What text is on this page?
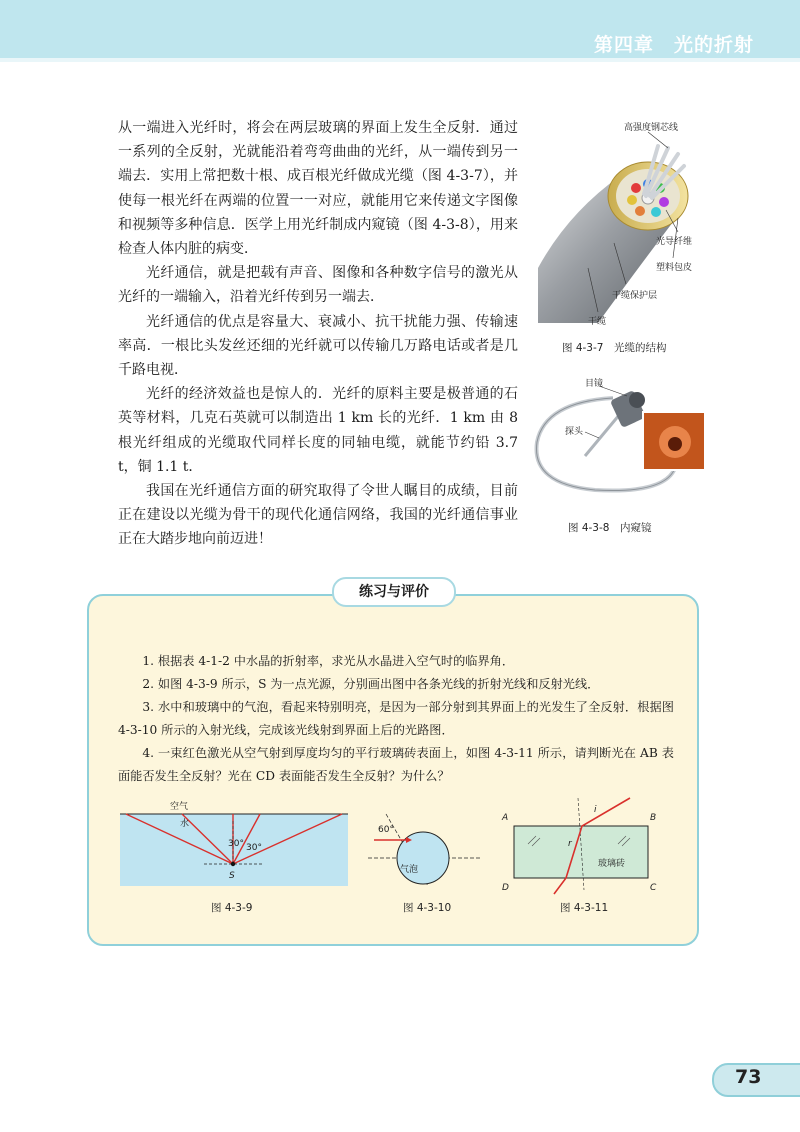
第四章　光的折射

从一端进入光纤时，将会在两层玻璃的界面上发生全反射．通过一系列的全反射，光就能沿着弯弯曲曲的光纤，从一端传到另一端去．实用上常把数十根、成百根光纤做成光缆（图 4-3-7），并使每一根光纤在两端的位置一一对应，就能用它来传递文字图像和视频等多种信息．医学上用光纤制成内窥镜（图 4-3-8），用来检查人体内脏的病变．

光纤通信，就是把载有声音、图像和各种数字信号的激光从光纤的一端输入，沿着光纤传到另一端去．

光纤通信的优点是容量大、衰减小、抗干扰能力强、传输速率高．一根比头发丝还细的光纤就可以传输几万路电话或者是几千路电视．

光纤的经济效益也是惊人的．光纤的原料主要是极普通的石英等材料，几克石英就可以制造出 1 km 长的光纤．1 km 由 8 根光纤组成的光缆取代同样长度的同轴电缆，就能节约铅 3.7 t，铜 1.1 t．

我国在光纤通信方面的研究取得了令世人瞩目的成绩，目前正在建设以光缆为骨干的现代化通信网络，我国的光纤通信事业正在大踏步地向前迈进！

高强度钢芯线
光导纤维
塑料包皮
干缆保护层
干缆
图 4-3-7　光缆的结构
目镜
探头
图 4-3-8　内窥镜
练习与评价

1. 根据表 4-1-2 中水晶的折射率，求光从水晶进入空气时的临界角．

2. 如图 4-3-9 所示，S 为一点光源，分别画出图中各条光线的折射光线和反射光线．

3. 水中和玻璃中的气泡，看起来特别明亮，是因为一部分射到其界面上的光发生了全反射．根据图 4-3-10 所示的入射光线，完成该光线射到界面上后的光路图．

4. 一束红色激光从空气射到厚度均匀的平行玻璃砖表面上，如图 4-3-11 所示，请判断光在 AB 表面能否发生全反射？光在 CD 表面能否发生全反射？为什么？

空气
水
30° 30°
S
图 4-3-9
60°
气泡
图 4-3-10
A	B
C
D
i
r
玻璃砖
图 4-3-11
73
